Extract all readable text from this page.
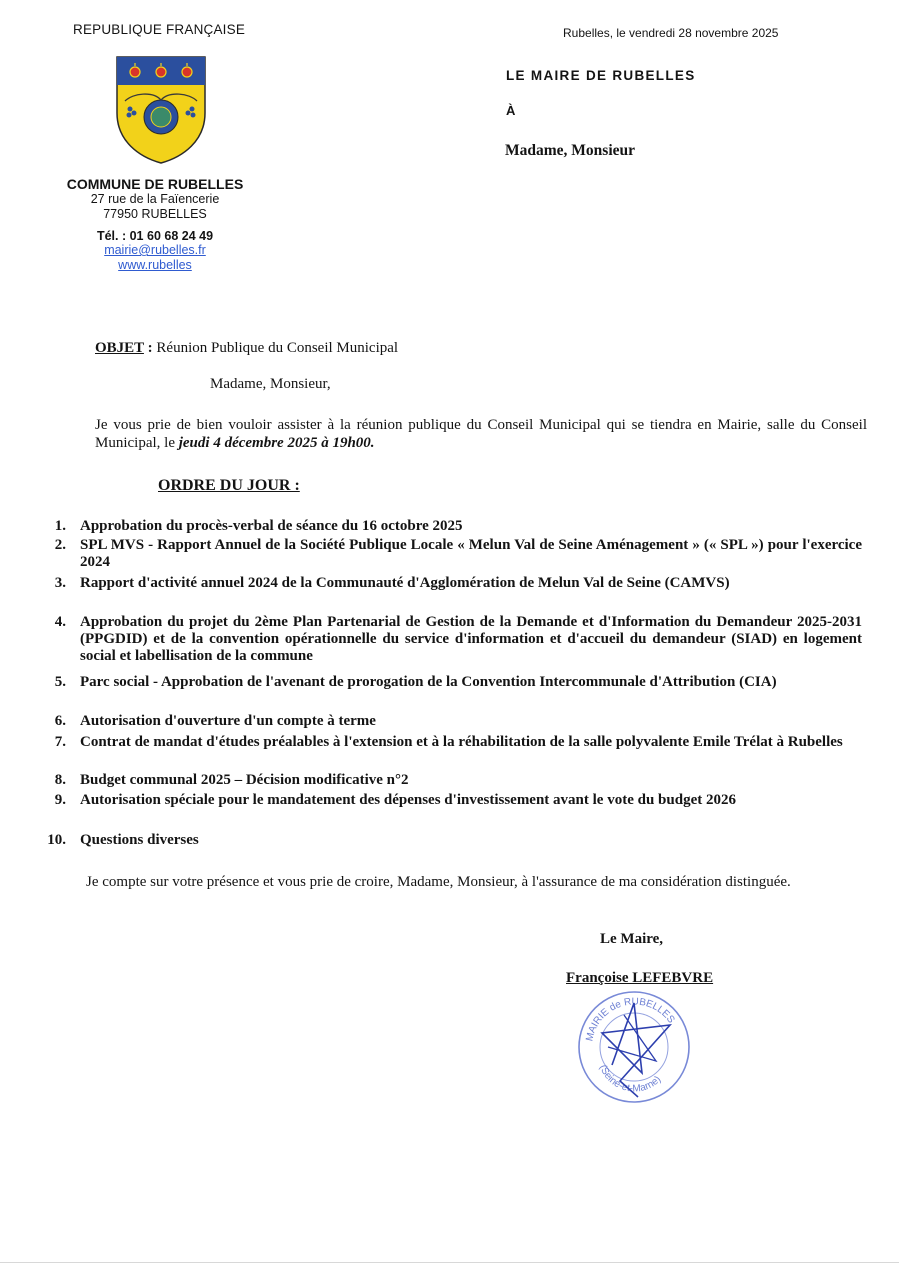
REPUBLIQUE FRANÇAISE
COMMUNE DE RUBELLES
27 rue de la Faïencerie
77950 RUBELLES
Tél. : 01 60 68 24 49
mairie@rubelles.fr
www.rubelles
Rubelles, le vendredi 28 novembre 2025
LE MAIRE DE RUBELLES
À
Madame, Monsieur
OBJET : Réunion Publique du Conseil Municipal
Madame, Monsieur,
Je vous prie de bien vouloir assister à la réunion publique du Conseil Municipal qui se tiendra en Mairie, salle du Conseil Municipal, le jeudi 4 décembre 2025 à 19h00.
ORDRE DU JOUR :
1. Approbation du procès-verbal de séance du 16 octobre 2025
2. SPL MVS - Rapport Annuel de la Société Publique Locale « Melun Val de Seine Aménagement » (« SPL ») pour l'exercice 2024
3. Rapport d'activité annuel 2024 de la Communauté d'Agglomération de Melun Val de Seine (CAMVS)
4. Approbation du projet du 2ème Plan Partenarial de Gestion de la Demande et d'Information du Demandeur 2025-2031 (PPGDID) et de la convention opérationnelle du service d'information et d'accueil du demandeur (SIAD) en logement social et labellisation de la commune
5. Parc social - Approbation de l'avenant de prorogation de la Convention Intercommunale d'Attribution (CIA)
6. Autorisation d'ouverture d'un compte à terme
7. Contrat de mandat d'études préalables à l'extension et à la réhabilitation de la salle polyvalente Emile Trélat à Rubelles
8. Budget communal 2025 – Décision modificative n°2
9. Autorisation spéciale pour le mandatement des dépenses d'investissement avant le vote du budget 2026
10. Questions diverses
Je compte sur votre présence et vous prie de croire, Madame, Monsieur, à l'assurance de ma considération distinguée.
Le Maire,
Françoise LEFEBVRE
MAIRIE de RUBELLES
(Seine-et-Marne)
